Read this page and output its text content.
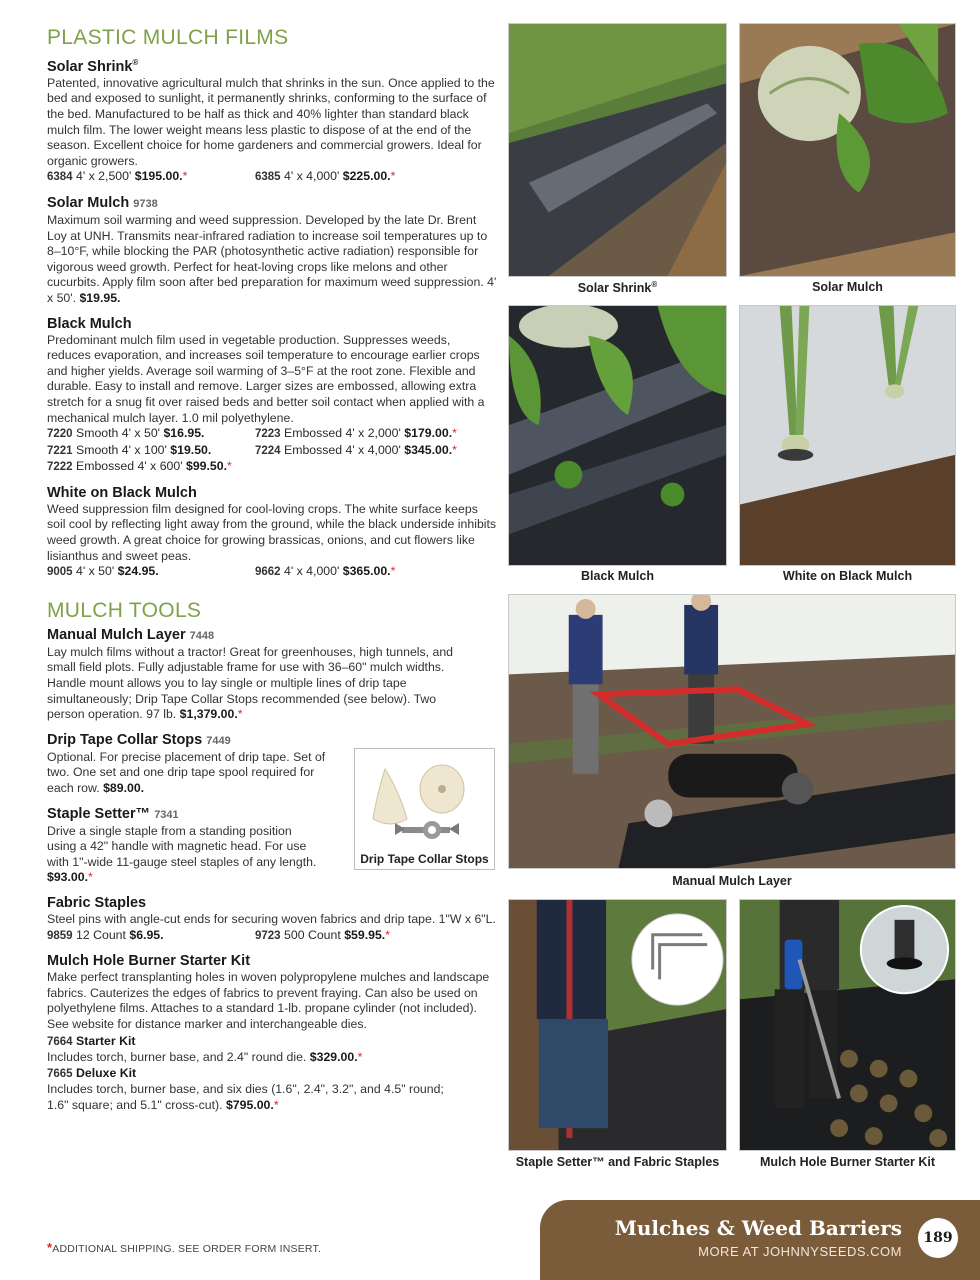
PLASTIC MULCH FILMS
Solar Shrink®
Patented, innovative agricultural mulch that shrinks in the sun. Once applied to the bed and exposed to sunlight, it permanently shrinks, conforming to the surface of the bed. Manufactured to be half as thick and 40% lighter than standard black mulch film. The lower weight means less plastic to dispose of at the end of the season. Excellent choice for home gardeners and commercial growers. Ideal for organic growers.
6384 4' x 2,500' $195.00.*	6385 4' x 4,000' $225.00.*
Solar Mulch 9738
Maximum soil warming and weed suppression. Developed by the late Dr. Brent Loy at UNH. Transmits near-infrared radiation to increase soil temperatures up to 8–10°F, while blocking the PAR (photosynthetic active radiation) responsible for vigorous weed growth. Perfect for heat-loving crops like melons and other cucurbits. Apply film soon after bed preparation for maximum weed suppression. 4' x 50'. $19.95.
Black Mulch
Predominant mulch film used in vegetable production. Suppresses weeds, reduces evaporation, and increases soil temperature to encourage earlier crops and higher yields. Average soil warming of 3–5°F at the root zone. Flexible and durable. Easy to install and remove. Larger sizes are embossed, allowing extra stretch for a snug fit over raised beds and better soil contact when applied with a mechanical mulch layer. 1.0 mil polyethylene.
7220 Smooth 4' x 50' $16.95.	7223 Embossed 4' x 2,000' $179.00.*
7221 Smooth 4' x 100' $19.50.	7224 Embossed 4' x 4,000' $345.00.*
7222 Embossed 4' x 600' $99.50.*
White on Black Mulch
Weed suppression film designed for cool-loving crops. The white surface keeps soil cool by reflecting light away from the ground, while the black underside inhibits weed growth. A great choice for growing brassicas, onions, and cut flowers like lisianthus and sweet peas.
9005 4' x 50' $24.95.	9662 4' x 4,000' $365.00.*
MULCH TOOLS
Manual Mulch Layer 7448
Lay mulch films without a tractor! Great for greenhouses, high tunnels, and small field plots. Fully adjustable frame for use with 36–60" mulch widths. Handle mount allows you to lay single or multiple lines of drip tape simultaneously; Drip Tape Collar Stops recommended (see below). Two person operation. 97 lb. $1,379.00.*
Drip Tape Collar Stops 7449
Optional. For precise placement of drip tape. Set of two. One set and one drip tape spool required for each row. $89.00.
Staple Setter™ 7341
Drive a single staple from a standing position using a 42" handle with magnetic head. For use with 1"-wide 11-gauge steel staples of any length. $93.00.*
Fabric Staples
Steel pins with angle-cut ends for securing woven fabrics and drip tape. 1"W x 6"L.
9859 12 Count $6.95.	9723 500 Count $59.95.*
Mulch Hole Burner Starter Kit
Make perfect transplanting holes in woven polypropylene mulches and landscape fabrics. Cauterizes the edges of fabrics to prevent fraying. Can also be used on polyethylene films. Attaches to a standard 1-lb. propane cylinder (not included). See website for distance marker and interchangeable dies.
7664 Starter Kit
Includes torch, burner base, and 2.4" round die. $329.00.*
7665 Deluxe Kit
Includes torch, burner base, and six dies (1.6", 2.4", 3.2", and 4.5" round; 1.6" square; and 5.1" cross-cut). $795.00.*
Drip Tape Collar Stops
Solar Shrink®	Solar Mulch
Black Mulch	White on Black Mulch
Manual Mulch Layer
Staple Setter™ and Fabric Staples	Mulch Hole Burner Starter Kit
*ADDITIONAL SHIPPING. SEE ORDER FORM INSERT.
Mulches & Weed Barriers
MORE AT JOHNNYSEEDS.COM
189
